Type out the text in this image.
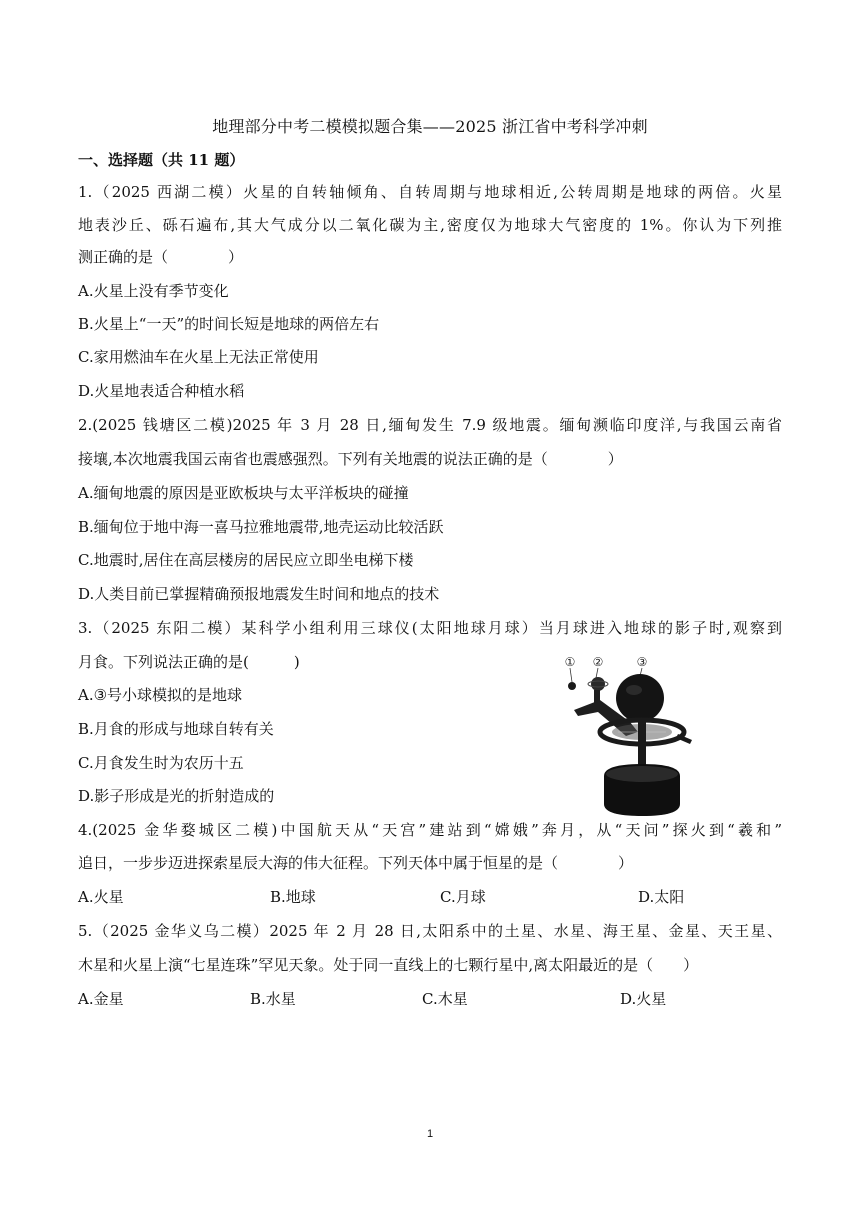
地理部分中考二模模拟题合集——2025 浙江省中考科学冲刺
一、选择题（共 11 题）
1.（2025 西湖二模）火星的自转轴倾角、自转周期与地球相近,公转周期是地球的两倍。火星
地表沙丘、砾石遍布,其大气成分以二氧化碳为主,密度仅为地球大气密度的 1%。你认为下列推
测正确的是（　　　　）
A.火星上没有季节变化
B.火星上“一天”的时间长短是地球的两倍左右
C.家用燃油车在火星上无法正常使用
D.火星地表适合种植水稻
2.(2025 钱塘区二模)2025 年 3 月 28 日,缅甸发生 7.9 级地震。缅甸濒临印度洋,与我国云南省
接壤,本次地震我国云南省也震感强烈。下列有关地震的说法正确的是（　　　　）
A.缅甸地震的原因是亚欧板块与太平洋板块的碰撞
B.缅甸位于地中海一喜马拉雅地震带,地壳运动比较活跃
C.地震时,居住在高层楼房的居民应立即坐电梯下楼
D.人类目前已掌握精确预报地震发生时间和地点的技术
3.（2025 东阳二模）某科学小组利用三球仪(太阳地球月球）当月球进入地球的影子时,观察到
月食。下列说法正确的是(　　　)
A.③号小球模拟的是地球
B.月食的形成与地球自转有关
C.月食发生时为农历十五
D.影子形成是光的折射造成的
① ②	③
4.(2025 金华婺城区二模)中国航天从“天宫”建站到“嫦娥”奔月，从“天问”探火到“羲和”
追日，一步步迈进探索星辰大海的伟大征程。下列天体中属于恒星的是（　　　　）
A.火星	B.地球	C.月球	D.太阳
5.（2025 金华义乌二模）2025 年 2 月 28 日,太阳系中的土星、水星、海王星、金星、天王星、
木星和火星上演“七星连珠”罕见天象。处于同一直线上的七颗行星中,离太阳最近的是（　　）
A.金星	B.水星	C.木星	D.火星
1
